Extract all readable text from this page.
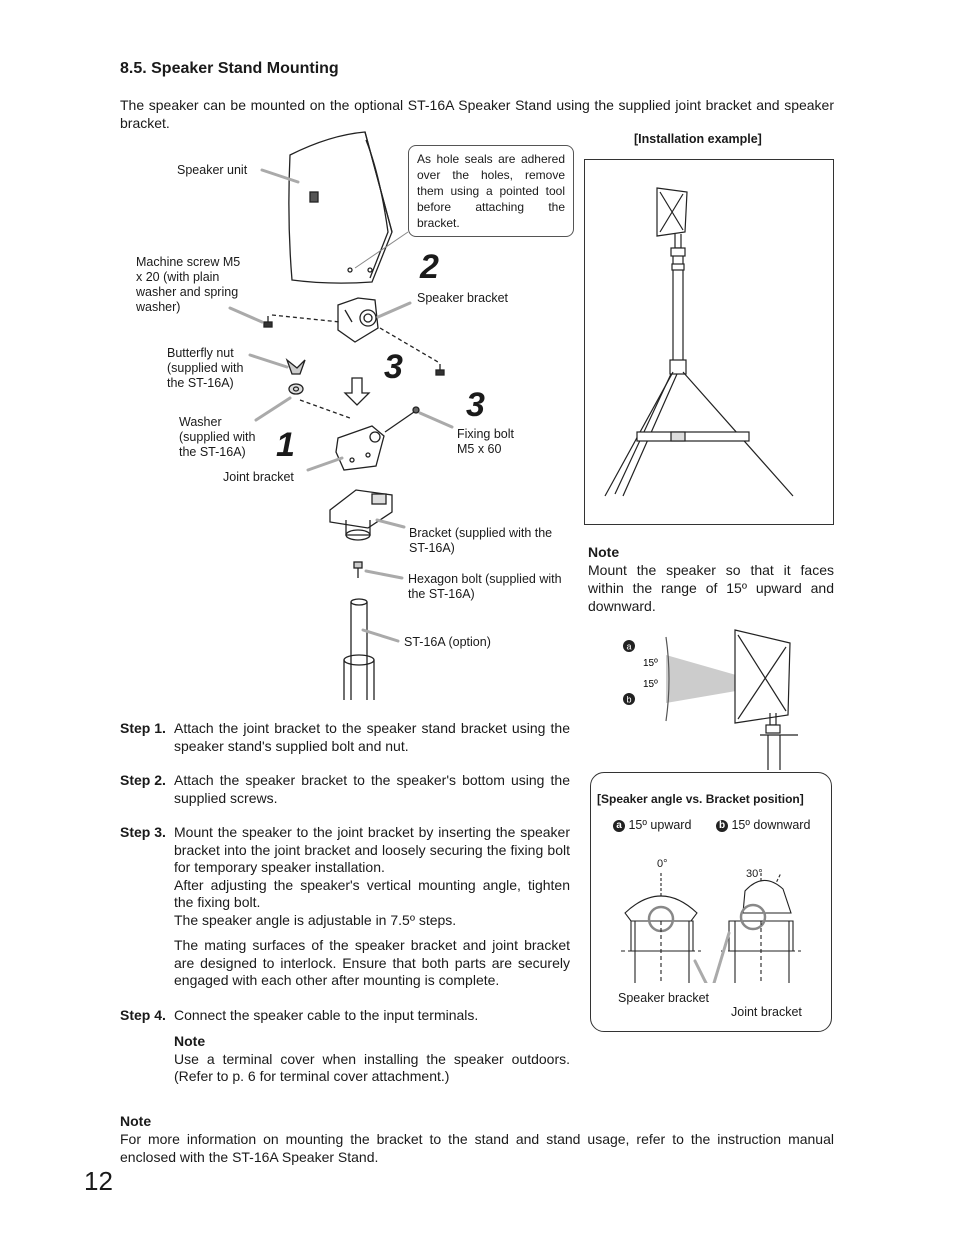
8.5. Speaker Stand Mounting
The speaker can be mounted on the optional ST-16A Speaker Stand using the supplied joint bracket and speaker bracket.
Speaker unit
Machine screw M5 x 20 (with plain washer and spring washer)
Speaker bracket
Butterfly nut (supplied with the ST-16A)
Washer (supplied with the ST-16A)
Fixing bolt M5 x 60
Joint bracket
Bracket (supplied with the ST-16A)
Hexagon bolt (supplied with the ST-16A)
ST-16A (option)
As hole seals are adhered over the holes, remove them using a pointed tool before attaching the bracket.
2
3
3
1
[Installation example]
Note
Mount the speaker so that it faces within the range of 15º upward and downward.
a
b
15º
15º
[Speaker angle vs. Bracket position]
a 15º upward	b 15º downward
0°
30°
Speaker bracket
Joint bracket
Step 1. Attach the joint bracket to the speaker stand bracket using the speaker stand's supplied bolt and nut.
Step 2. Attach the speaker bracket to the speaker's bottom using the supplied screws.
Step 3. Mount the speaker to the joint bracket by inserting the speaker bracket into the joint bracket and loosely securing the fixing bolt for temporary speaker installation.

After adjusting the speaker's vertical mounting angle, tighten the fixing bolt.

The speaker angle is adjustable in 7.5º steps.

The mating surfaces of the speaker bracket and joint bracket are designed to interlock. Ensure that both parts are securely engaged with each other after mounting is complete.

Step 4. Connect the speaker cable to the input terminals.

Note

Use a terminal cover when installing the speaker outdoors. (Refer to p. 6 for terminal cover attachment.)

Note
For more information on mounting the bracket to the stand and stand usage, refer to the instruction manual enclosed with the ST-16A Speaker Stand.
12
